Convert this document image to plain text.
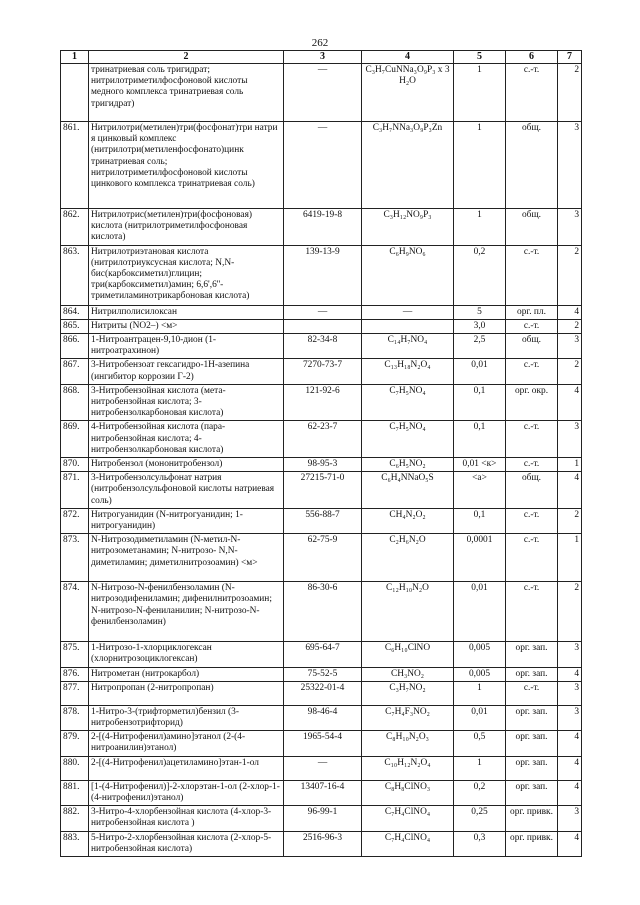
262
1	2	3	4	5	6	7
	тринатриевая соль тригидрат; нитрилотриметилфосфоновой кислоты медного комплекса тринатриевая соль тригидрат)	—	C₃H₇CuNNa₃O₉P₃ x 3 H₂O	1	с.-т.	2
861.	Нитрилотри(метилен)три(фосфонат)три натри я цинковый комплекс (нитрилотри(метиленфосфонато)цинк тринатриевая соль; нитрилотриметилфосфоновой кислоты цинкового комплекса тринатриевая соль)	—	C₃H₇NNa₃O₉P₃Zn	1	общ.	3
862.	Нитрилотрис(метилен)три(фосфоновая) кислота (нитрилотриметилфосфоновая кислота)	6419-19-8	C₃H₁₂NO₉P₃	1	общ.	3
863.	Нитрилотриэтановая кислота (нитрилотриуксусная кислота; N,N-бис(карбоксиметил)глицин; три(карбоксиметил)амин; 6,6',6''-триметиламинотрикарбоновая кислота)	139-13-9	C₆H₉NO₆	0,2	с.-т.	2
864.	Нитрилполисилоксан	—	—	5	орг. пл.	4
865.	Нитриты (NO2–) <м>			3,0	с.-т.	2
866.	1-Нитроантрацен-9,10-дион (1-нитроатрахинон)	82-34-8	C₁₄H₇NO₄	2,5	общ.	3
867.	3-Нитробензоат гексагидро-1Н-азепина (ингибитор коррозии Г-2)	7270-73-7	C₁₃H₁₈N₂O₄	0,01	с.-т.	2
868.	3-Нитробензойная кислота (мета-нитробензойная кислота; 3-нитробензолкарбоновая кислота)	121-92-6	C₇H₅NO₄	0,1	орг. окр.	4
869.	4-Нитробензойная кислота (пара-нитробензойная кислота; 4-нитробензолкарбоновая кислота)	62-23-7	C₇H₅NO₄	0,1	с.-т.	3
870.	Нитробензол (мононитробензол)	98-95-3	C₆H₅NO₂	0,01 <к>	с.-т.	1
871.	3-Нитробензолсульфонат натрия (нитробензолсульфоновой кислоты натриевая соль)	27215-71-0	C₆H₄NNaO₅S	<а>	общ.	4
872.	Нитрогуанидин (N-нитрогуанидин; 1-нитрогуанидин)	556-88-7	CH₄N₂O₂	0,1	с.-т.	2
873.	N-Нитрозодиметиламин (N-метил-N-нитрозометанамин; N-нитрозо- N,N-диметиламин; диметилнитрозоамин) <м>	62-75-9	C₂H₆N₂O	0,0001	с.-т.	1
874.	N-Нитрозо-N-фенилбензоламин (N-нитрозодифениламин; дифенилнитрозоамин; N-нитрозо-N-фениланилин; N-нитрозо-N-фенилбензоламин)	86-30-6	C₁₂H₁₀N₂O	0,01	с.-т.	2
875.	1-Нитрозо-1-хлорциклогексан (хлорнитрозоциклогексан)	695-64-7	C₆H₁₀ClNO	0,005	орг. зап.	3
876.	Нитрометан (нитрокарбол)	75-52-5	CH₃NO₂	0,005	орг. зап.	4
877.	Нитропропан (2-нитропропан)	25322-01-4	C₃H₇NO₂	1	с.-т.	3
878.	1-Нитро-3-(трифторметил)бензил (3-нитробензотрифторид)	98-46-4	C₇H₄F₃NO₂	0,01	орг. зап.	3
879.	2-[(4-Нитрофенил)амино]этанол (2-(4-нитроанилин)этанол)	1965-54-4	C₈H₁₀N₂O₃	0,5	орг. зап.	4
880.	2-[(4-Нитрофенил)ацетиламино]этан-1-ол	—	C₁₀H₁₂N₂O₄	1	орг. зап.	4
881.	[1-(4-Нитрофенил)]-2-хлорэтан-1-ол (2-хлор-1-(4-нитрофенил)этанол)	13407-16-4	C₈H₈ClNO₃	0,2	орг. зап.	4
882.	3-Нитро-4-хлорбензойная кислота (4-хлор-3-нитробензойная кислота )	96-99-1	C₇H₄ClNO₄	0,25	орг. привк.	3
883.	5-Нитро-2-хлорбензойная кислота (2-хлор-5-нитробензойная кислота)	2516-96-3	C₇H₄ClNO₄	0,3	орг. привк.	4
